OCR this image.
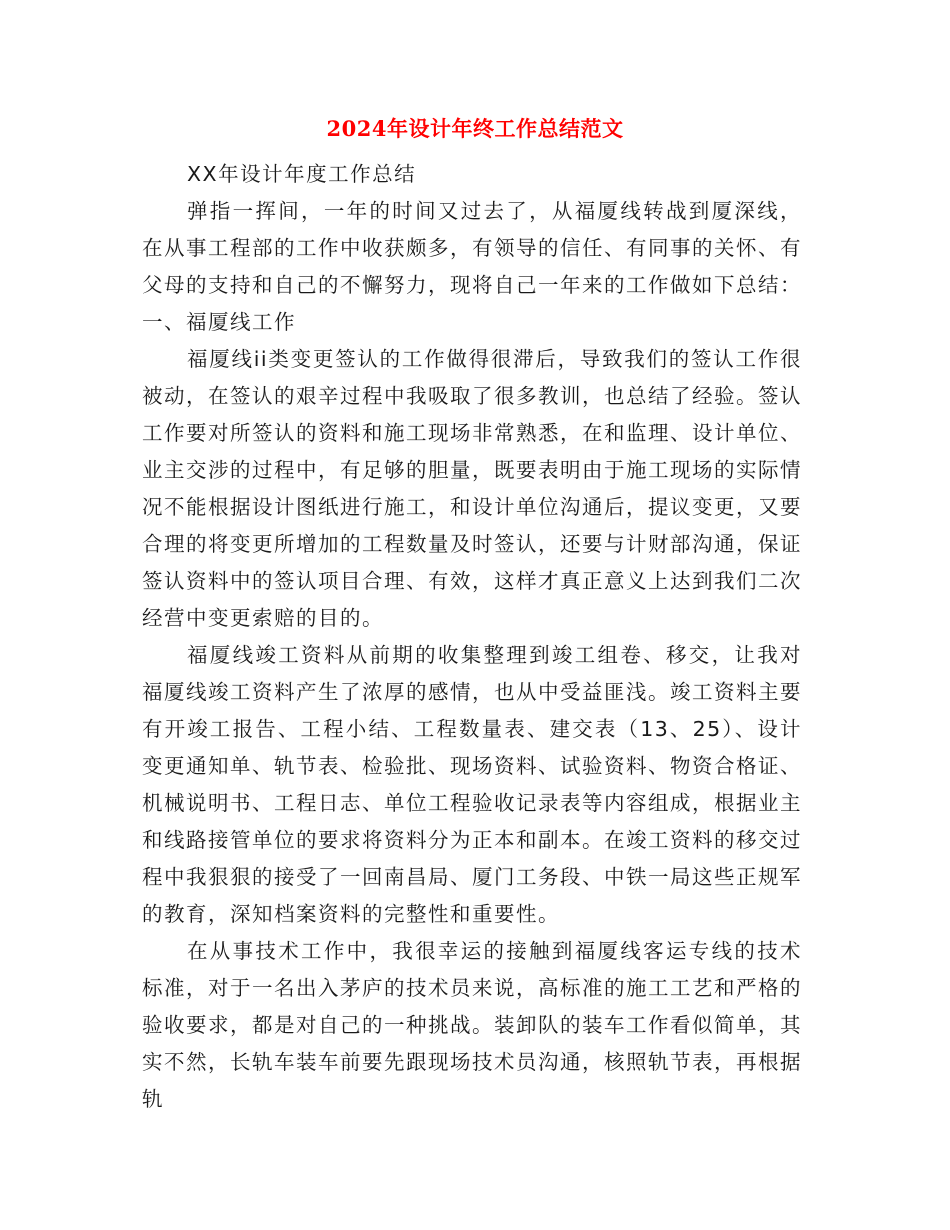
2024年设计年终工作总结范文

XX年设计年度工作总结

弹指一挥间，一年的时间又过去了，从福厦线转战到厦深线，在从事工程部的工作中收获颇多，有领导的信任、有同事的关怀、有父母的支持和自己的不懈努力，现将自己一年来的工作做如下总结：

一、福厦线工作

福厦线ii类变更签认的工作做得很滞后，导致我们的签认工作很被动，在签认的艰辛过程中我吸取了很多教训，也总结了经验。签认工作要对所签认的资料和施工现场非常熟悉，在和监理、设计单位、业主交涉的过程中，有足够的胆量，既要表明由于施工现场的实际情况不能根据设计图纸进行施工，和设计单位沟通后，提议变更，又要合理的将变更所增加的工程数量及时签认，还要与计财部沟通，保证签认资料中的签认项目合理、有效，这样才真正意义上达到我们二次经营中变更索赔的目的。

福厦线竣工资料从前期的收集整理到竣工组卷、移交，让我对福厦线竣工资料产生了浓厚的感情，也从中受益匪浅。竣工资料主要有开竣工报告、工程小结、工程数量表、建交表（13、25）、设计变更通知单、轨节表、检验批、现场资料、试验资料、物资合格证、机械说明书、工程日志、单位工程验收记录表等内容组成，根据业主和线路接管单位的要求将资料分为正本和副本。在竣工资料的移交过程中我狠狠的接受了一回南昌局、厦门工务段、中铁一局这些正规军的教育，深知档案资料的完整性和重要性。

在从事技术工作中，我很幸运的接触到福厦线客运专线的技术标准，对于一名出入茅庐的技术员来说，高标准的施工工艺和严格的验收要求，都是对自己的一种挑战。装卸队的装车工作看似简单，其实不然，长轨车装车前要先跟现场技术员沟通，核照轨节表，再根据轨
